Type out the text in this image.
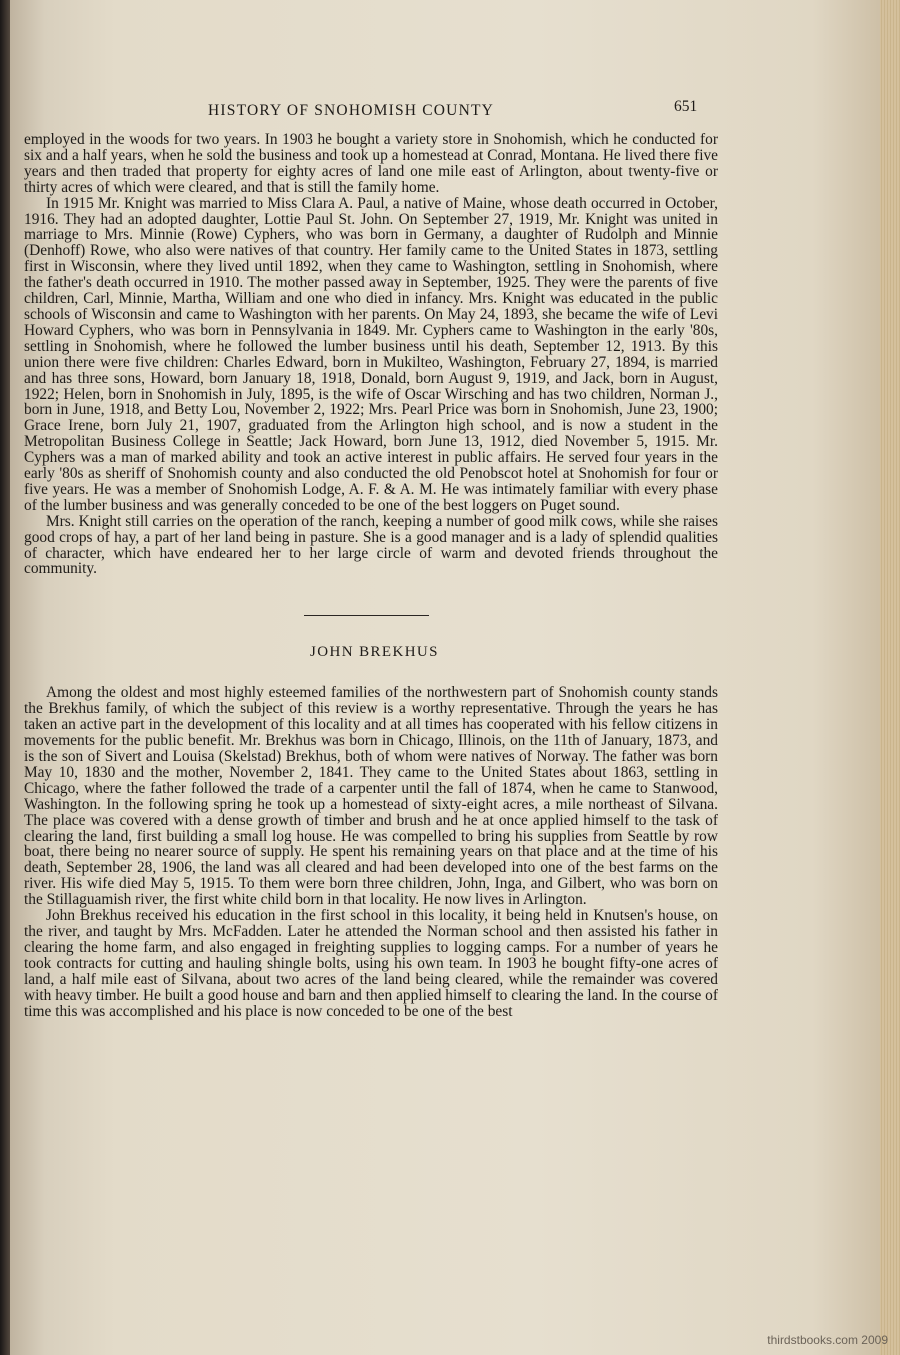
HISTORY OF SNOHOMISH COUNTY	651

employed in the woods for two years. In 1903 he bought a variety store in Snohomish, which he conducted for six and a half years, when he sold the business and took up a homestead at Conrad, Montana. He lived there five years and then traded that property for eighty acres of land one mile east of Arlington, about twenty-five or thirty acres of which were cleared, and that is still the family home.

In 1915 Mr. Knight was married to Miss Clara A. Paul, a native of Maine, whose death occurred in October, 1916. They had an adopted daughter, Lottie Paul St. John. On September 27, 1919, Mr. Knight was united in marriage to Mrs. Minnie (Rowe) Cyphers, who was born in Germany, a daughter of Rudolph and Minnie (Denhoff) Rowe, who also were natives of that country. Her family came to the United States in 1873, settling first in Wisconsin, where they lived until 1892, when they came to Washington, settling in Snohomish, where the father's death occurred in 1910. The mother passed away in September, 1925. They were the parents of five children, Carl, Minnie, Martha, William and one who died in infancy. Mrs. Knight was educated in the public schools of Wisconsin and came to Washington with her parents. On May 24, 1893, she became the wife of Levi Howard Cyphers, who was born in Pennsylvania in 1849. Mr. Cyphers came to Washington in the early '80s, settling in Snohomish, where he followed the lumber business until his death, September 12, 1913. By this union there were five children: Charles Edward, born in Mukilteo, Washington, February 27, 1894, is married and has three sons, Howard, born January 18, 1918, Donald, born August 9, 1919, and Jack, born in August, 1922; Helen, born in Snohomish in July, 1895, is the wife of Oscar Wirsching and has two children, Norman J., born in June, 1918, and Betty Lou, November 2, 1922; Mrs. Pearl Price was born in Snohomish, June 23, 1900; Grace Irene, born July 21, 1907, graduated from the Arlington high school, and is now a student in the Metropolitan Business College in Seattle; Jack Howard, born June 13, 1912, died November 5, 1915. Mr. Cyphers was a man of marked ability and took an active interest in public affairs. He served four years in the early '80s as sheriff of Snohomish county and also conducted the old Penobscot hotel at Snohomish for four or five years. He was a member of Snohomish Lodge, A. F. & A. M. He was intimately familiar with every phase of the lumber business and was generally conceded to be one of the best loggers on Puget sound.

Mrs. Knight still carries on the operation of the ranch, keeping a number of good milk cows, while she raises good crops of hay, a part of her land being in pasture. She is a good manager and is a lady of splendid qualities of character, which have endeared her to her large circle of warm and devoted friends throughout the community.

JOHN BREKHUS

Among the oldest and most highly esteemed families of the northwestern part of Snohomish county stands the Brekhus family, of which the subject of this review is a worthy representative. Through the years he has taken an active part in the development of this locality and at all times has cooperated with his fellow citizens in movements for the public benefit. Mr. Brekhus was born in Chicago, Illinois, on the 11th of January, 1873, and is the son of Sivert and Louisa (Skelstad) Brekhus, both of whom were natives of Norway. The father was born May 10, 1830 and the mother, November 2, 1841. They came to the United States about 1863, settling in Chicago, where the father followed the trade of a carpenter until the fall of 1874, when he came to Stanwood, Washington. In the following spring he took up a homestead of sixty-eight acres, a mile northeast of Silvana. The place was covered with a dense growth of timber and brush and he at once applied himself to the task of clearing the land, first building a small log house. He was compelled to bring his supplies from Seattle by row boat, there being no nearer source of supply. He spent his remaining years on that place and at the time of his death, September 28, 1906, the land was all cleared and had been developed into one of the best farms on the river. His wife died May 5, 1915. To them were born three children, John, Inga, and Gilbert, who was born on the Stillaguamish river, the first white child born in that locality. He now lives in Arlington.

John Brekhus received his education in the first school in this locality, it being held in Knutsen's house, on the river, and taught by Mrs. McFadden. Later he attended the Norman school and then assisted his father in clearing the home farm, and also engaged in freighting supplies to logging camps. For a number of years he took contracts for cutting and hauling shingle bolts, using his own team. In 1903 he bought fifty-one acres of land, a half mile east of Silvana, about two acres of the land being cleared, while the remainder was covered with heavy timber. He built a good house and barn and then applied himself to clearing the land. In the course of time this was accomplished and his place is now conceded to be one of the best

thirdstbooks.com 2009
